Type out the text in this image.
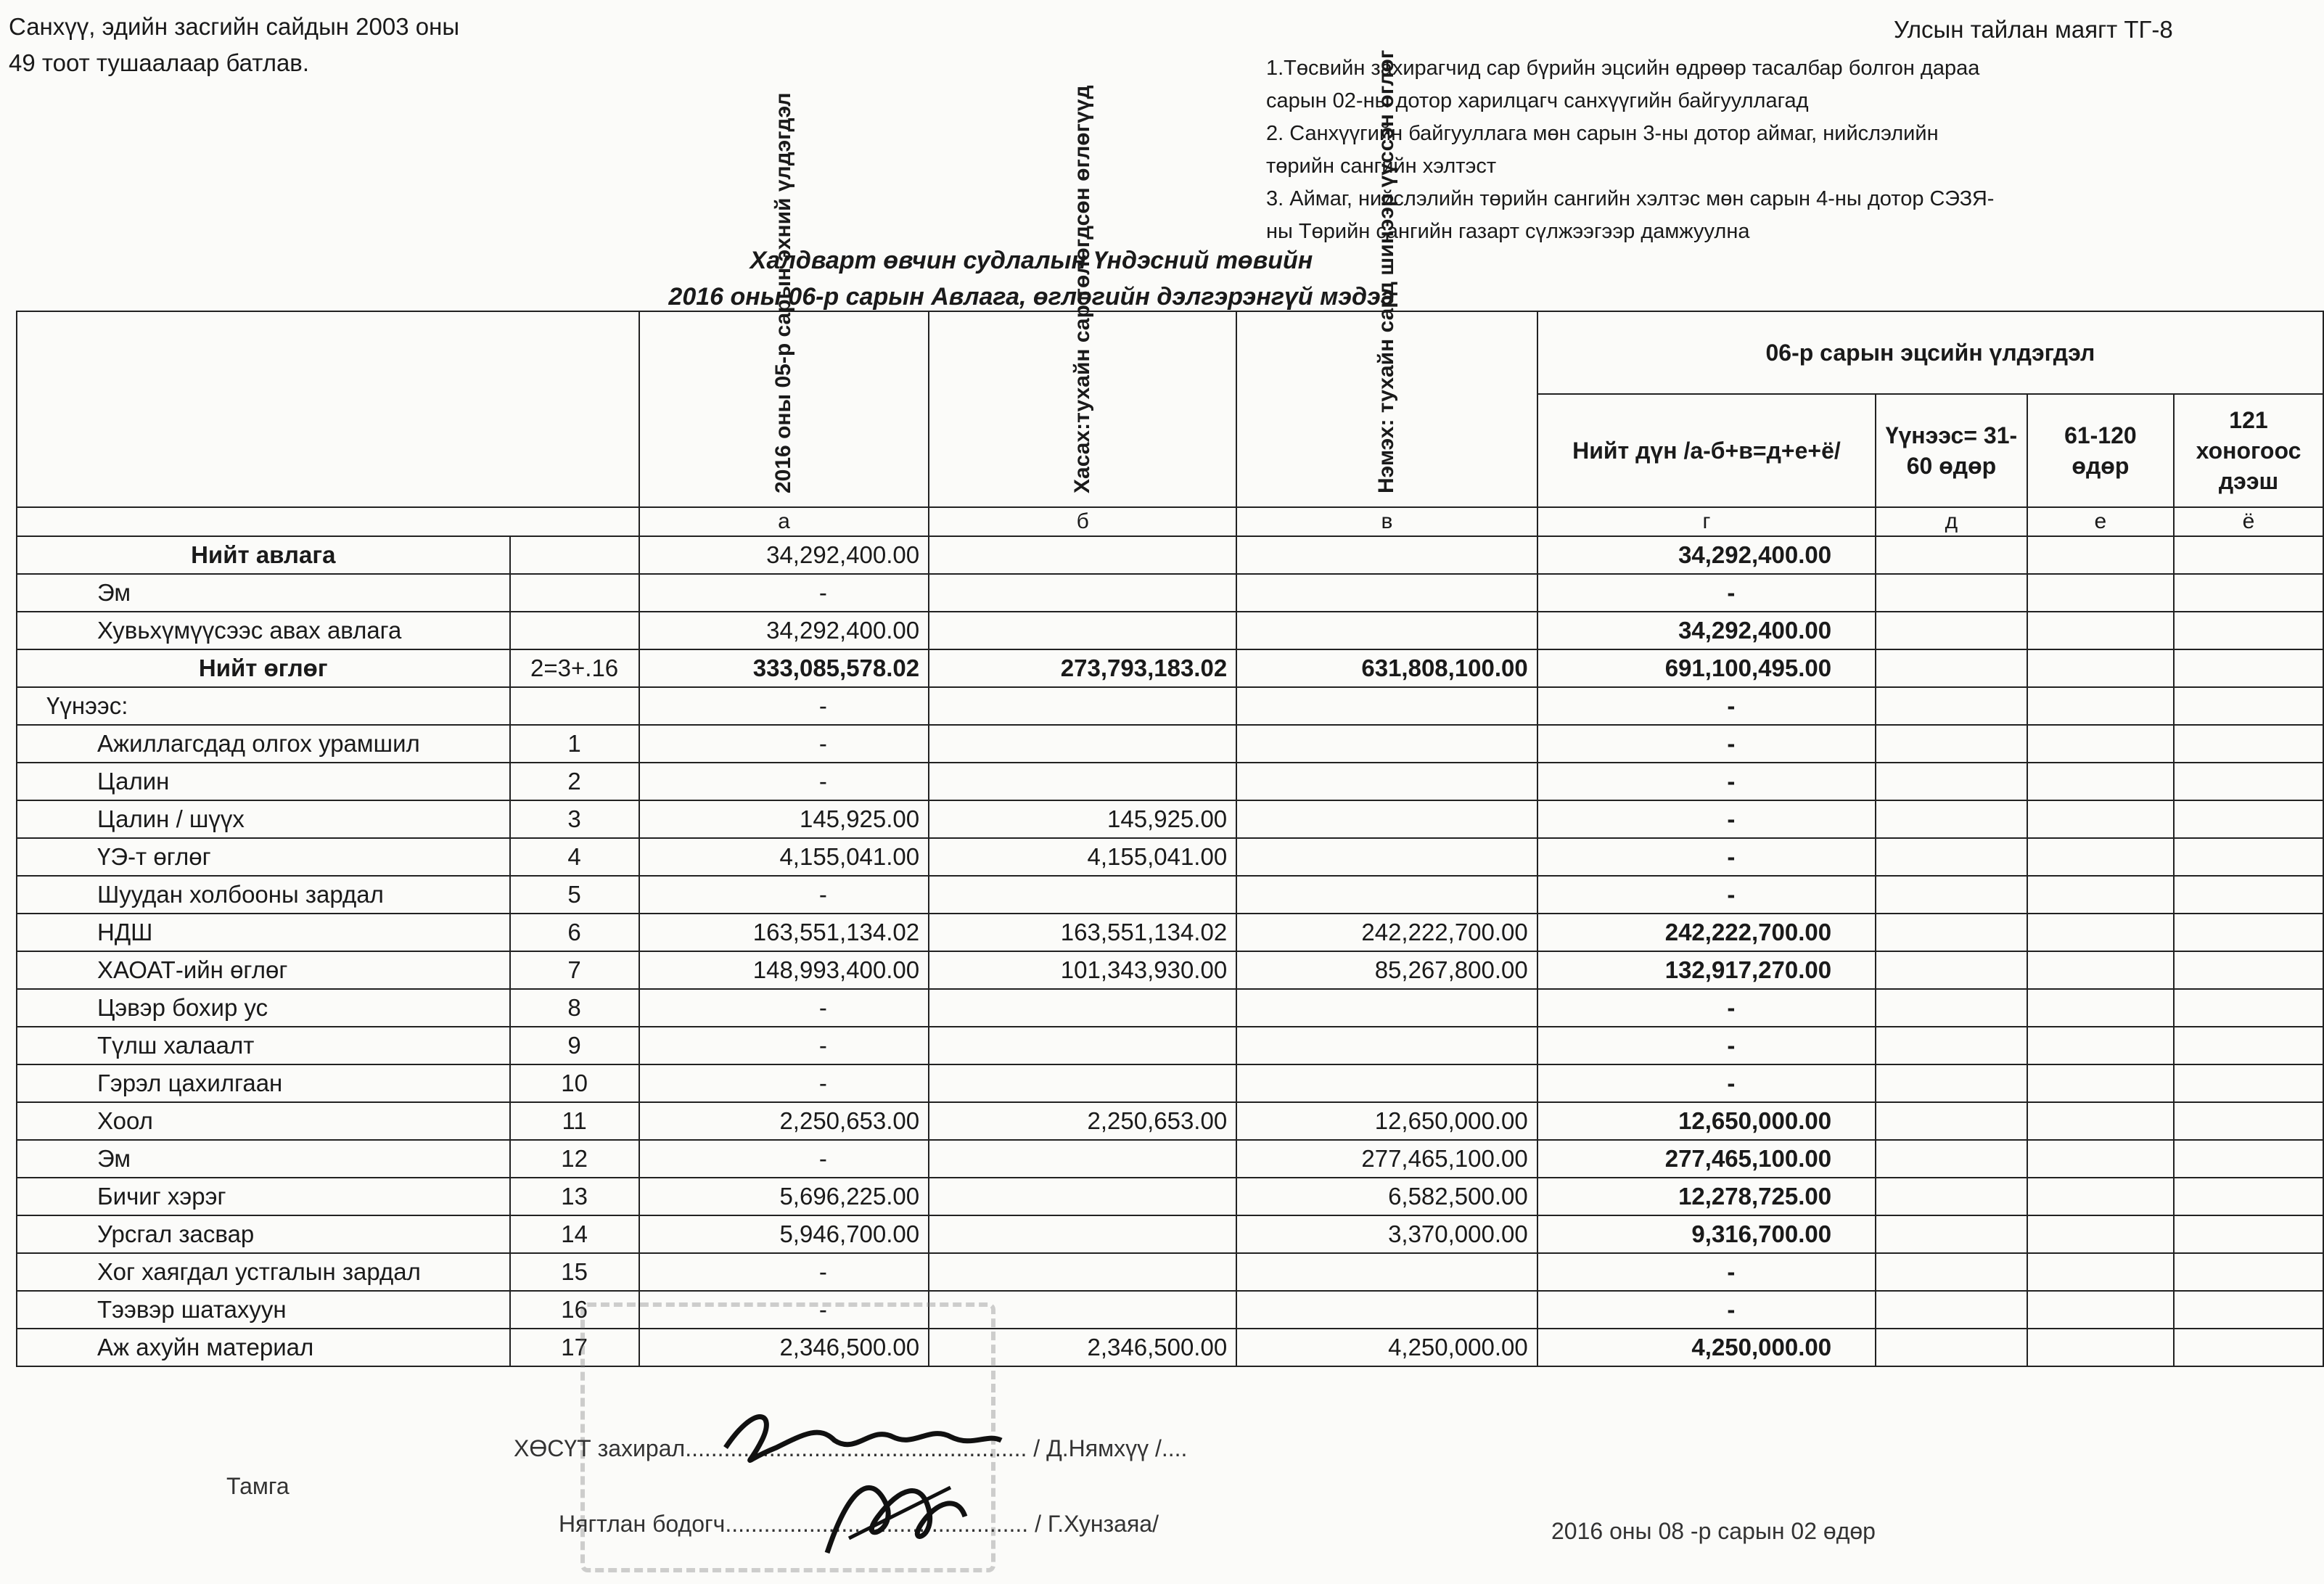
Санхүү, эдийн засгийн сайдын 2003 оны
49 тоот тушаалаар батлав.
Улсын тайлан маягт ТГ-8
1.Төсвийн захирагчид сар бүрийн эцсийн өдрөөр тасалбар болгон дараа
сарын 02-ны дотор харилцагч санхүүгийн байгууллагад
2. Санхүүгийн байгууллага мөн сарын 3-ны дотор аймаг, нийслэлийн
төрийн сангийн хэлтэст
3. Аймаг, нийслэлийн төрийн сангийн хэлтэс мөн сарын 4-ны дотор СЭЗЯ-
ны Төрийн сангийн газарт сүлжээгээр дамжуулна
Халдварт өвчин судлалын Үндэсний төвийн
2016 оны 06-р сарын Авлага, өглөгийн дэлгэрэнгүй мэдээ
		2016 оны 05-р сарын эхний үлдэгдэл	Хасах:тухайн сар төлөгдсөн өглөгүүд	Нэмэх: тухайн сард шинээр үүссэн өглөг	06-р сарын эцсийн үлдэгдэл			
					Нийт дүн /а-б+в=д+е+ё/	Үүнээс= 31-60 өдөр	61-120 өдөр	121 хоногоос дээш
		а	б	в	г	д	е	ё
Нийт авлага		34,292,400.00			34,292,400.00			
Эм		-			-			
Хувьхүмүүсээс авах авлага		34,292,400.00			34,292,400.00			
Нийт өглөг	2=3+.16	333,085,578.02	273,793,183.02	631,808,100.00	691,100,495.00			
Үүнээс:		-			-			
Ажиллагсдад олгох урамшил	1	-			-			
Цалин	2	-			-			
Цалин / шүүх	3	145,925.00	145,925.00		-			
ҮЭ-т өглөг	4	4,155,041.00	4,155,041.00		-			
Шуудан холбооны зардал	5	-			-			
НДШ	6	163,551,134.02	163,551,134.02	242,222,700.00	242,222,700.00			
ХАОАТ-ийн өглөг	7	148,993,400.00	101,343,930.00	85,267,800.00	132,917,270.00			
Цэвэр бохир ус	8	-			-			
Түлш халаалт	9	-			-			
Гэрэл цахилгаан	10	-			-			
Хоол	11	2,250,653.00	2,250,653.00	12,650,000.00	12,650,000.00			
Эм	12	-		277,465,100.00	277,465,100.00			
Бичиг хэрэг	13	5,696,225.00		6,582,500.00	12,278,725.00			
Урсгал засвар	14	5,946,700.00		3,370,000.00	9,316,700.00			
Хог хаягдал устгалын зардал	15	-			-			
Тээвэр шатахуун	16	-			-			
Аж ахуйн материал	17	2,346,500.00	2,346,500.00	4,250,000.00	4,250,000.00			
ХӨСҮТ захирал..................................................... / Д.Нямхүү /....
Тамга
Нягтлан бодогч............................................... / Г.Хунзаяа/	2016 оны 08 -р сарын 02 өдөр
